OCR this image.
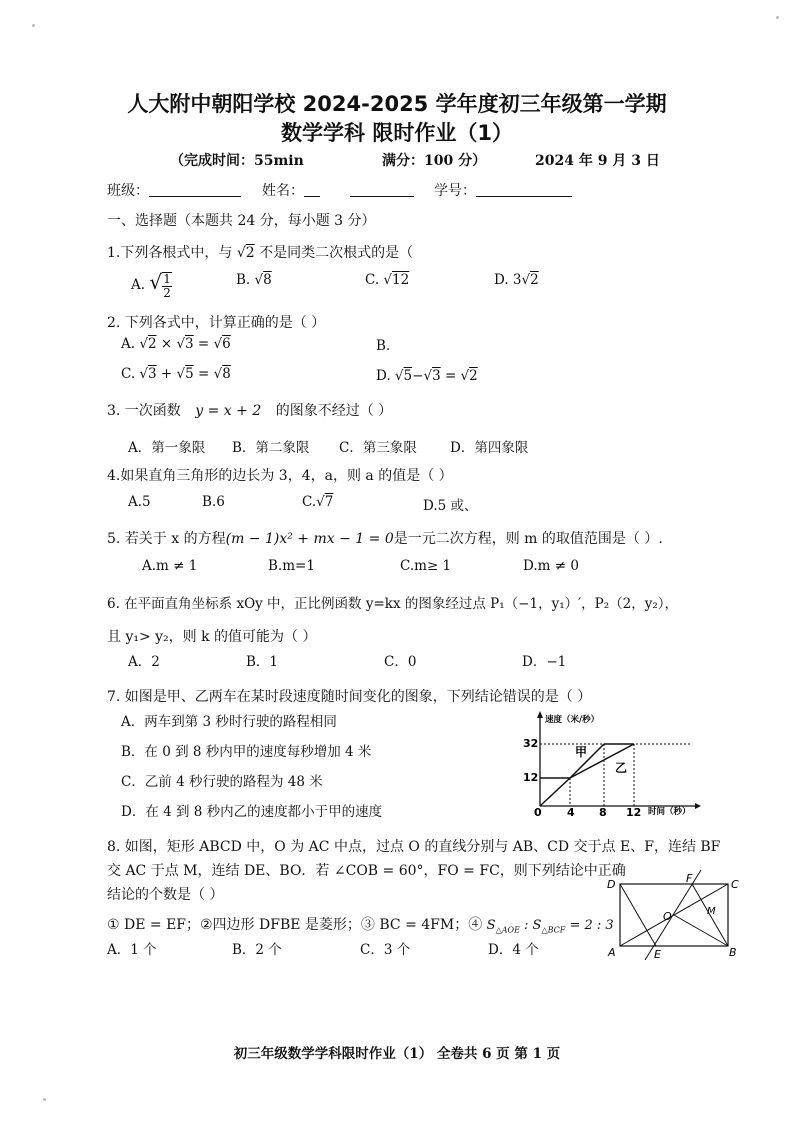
人大附中朝阳学校 2024-2025 学年度初三年级第一学期
数学学科 限时作业（1）
（完成时间：55min	满分：100 分）	2024 年 9 月 3 日
班级：	姓名：	学号：
一、选择题（本题共 24 分，每小题 3 分）
1.下列各根式中，与 √2 不是同类二次根式的是（
A. √1
2
B. √8	C. √12	D. 3√2
2. 下列各式中，计算正确的是（ ）
A. √2 × √3 = √6	B.
C. √3 + √5 = √8	D. √5−√3 = √2
3. 一次函数 y = x + 2 的图象不经过（ ）
A．第一象限 B．第二象限 C．第三象限 D．第四象限
4.如果直角三角形的边长为 3，4，a，则 a 的值是（ ）
A.5	B.6	C.√7	D.5 或、
5. 若关于 x 的方程(m − 1)x² + mx − 1 = 0是一元二次方程，则 m 的取值范围是（ ）.
A.m ≠ 1	B.m=1	C.m≥ 1	D.m ≠ 0
6. 在平面直角坐标系 xOy 中，正比例函数 y=kx 的图象经过点 P₁（−1，y₁）′，P₂（2，y₂），
且 y₁> y₂，则 k 的值可能为（ ）
A．2	B．1	C．0	D．−1
7. 如图是甲、乙两车在某时段速度随时间变化的图象，下列结论错误的是（ ）
A．两车到第 3 秒时行驶的路程相同
B．在 0 到 8 秒内甲的速度每秒增加 4 米
C．乙前 4 秒行驶的路程为 48 米
D．在 4 到 8 秒内乙的速度都小于甲的速度
速度（米/秒）
时间（秒）
32
12
0 4 8 12
甲
乙
8. 如图，矩形 ABCD 中，O 为 AC 中点，过点 O 的直线分别与 AB、CD 交于点 E、F，连结 BF
交 AC 于点 M，连结 DE、BO．若 ∠COB = 60°，FO = FC，则下列结论中正确
结论的个数是（ ）
① DE = EF；②四边形 DFBE 是菱形；③ BC = 4FM；④ $S_{\triangle AOE}$ : $S_{\triangle BCF} = 2$ : 3
A．1 个	B．2 个	C．3 个	D．4 个
D	F	C
O	M
A	E	B
初三年级数学学科限时作业（1） 全卷共 6 页 第 1 页
